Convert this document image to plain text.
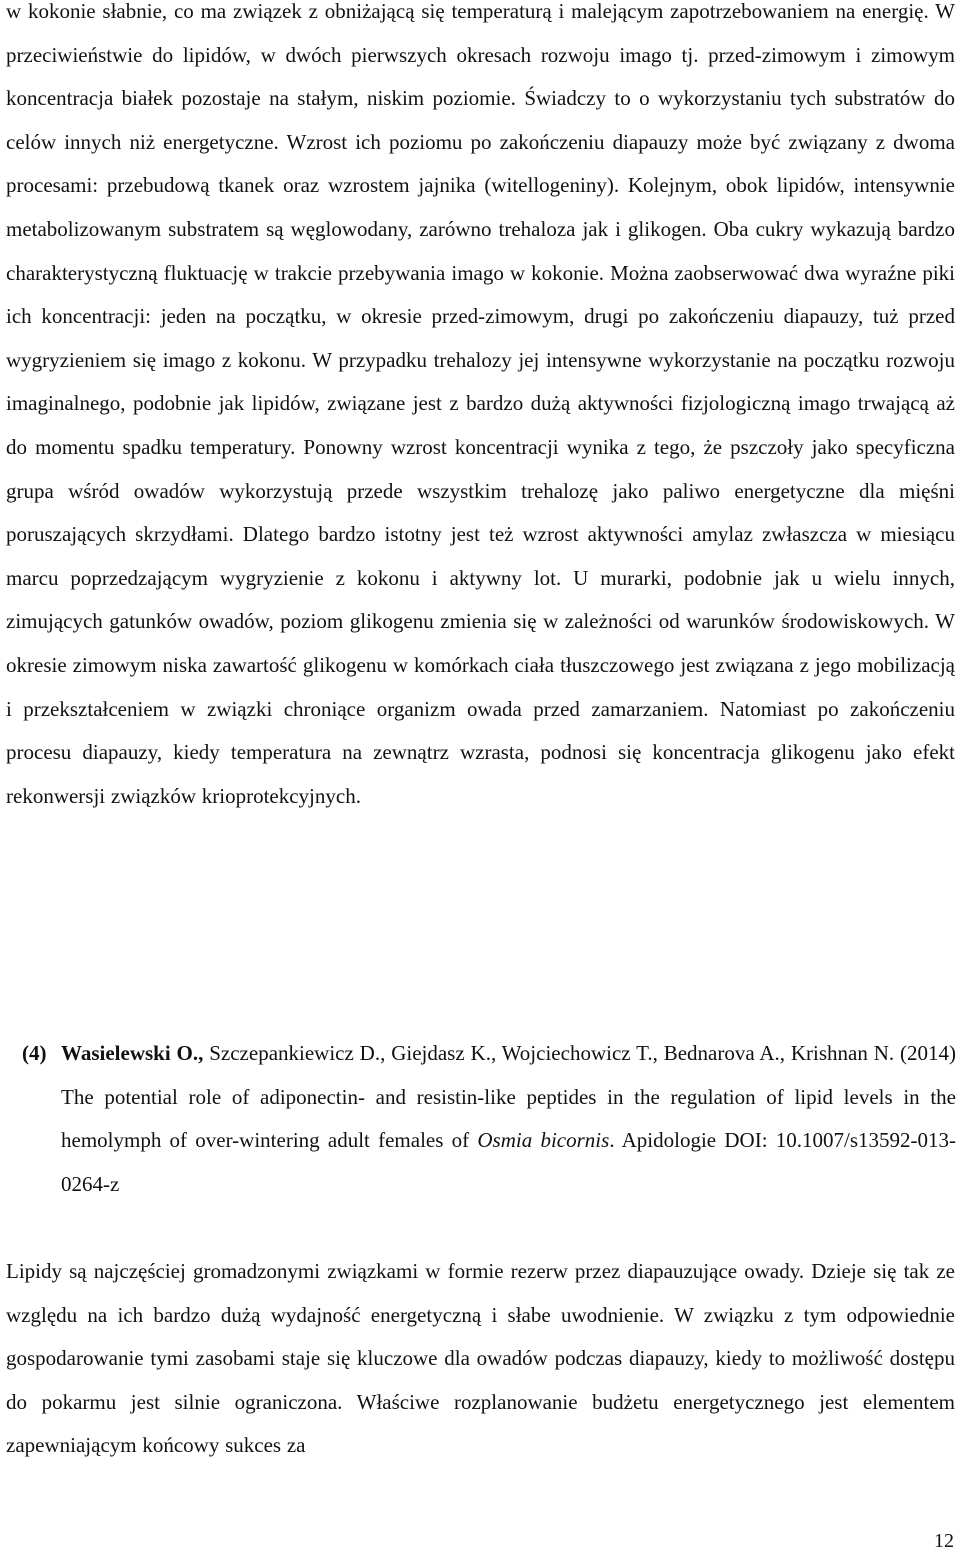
w kokonie słabnie, co ma związek z obniżającą się temperaturą i malejącym zapotrzebowaniem na energię. W przeciwieństwie do lipidów, w dwóch pierwszych okresach rozwoju imago tj. przed-zimowym i zimowym koncentracja białek pozostaje na stałym, niskim poziomie. Świadczy to o wykorzystaniu tych substratów do celów innych niż energetyczne. Wzrost ich poziomu po zakończeniu diapauzy może być związany z dwoma procesami: przebudową tkanek oraz wzrostem jajnika (witellogeniny). Kolejnym, obok lipidów, intensywnie metabolizowanym substratem są węglowodany, zarówno trehaloza jak i glikogen. Oba cukry wykazują bardzo charakterystyczną fluktuację w trakcie przebywania imago w kokonie. Można zaobserwować dwa wyraźne piki ich koncentracji: jeden na początku, w okresie przed-zimowym, drugi po zakończeniu diapauzy, tuż przed wygryzieniem się imago z kokonu. W przypadku trehalozy jej intensywne wykorzystanie na początku rozwoju imaginalnego, podobnie jak lipidów, związane jest z bardzo dużą aktywności fizjologiczną imago trwającą aż do momentu spadku temperatury. Ponowny wzrost koncentracji wynika z tego, że pszczoły jako specyficzna grupa wśród owadów wykorzystują przede wszystkim trehalozę jako paliwo energetyczne dla mięśni poruszających skrzydłami. Dlatego bardzo istotny jest też wzrost aktywności amylaz zwłaszcza w miesiącu marcu poprzedzającym wygryzienie z kokonu i aktywny lot. U murarki, podobnie jak u wielu innych, zimujących gatunków owadów, poziom glikogenu zmienia się w zależności od warunków środowiskowych. W okresie zimowym niska zawartość glikogenu w komórkach ciała tłuszczowego jest związana z jego mobilizacją i przekształceniem w związki chroniące organizm owada przed zamarzaniem. Natomiast po zakończeniu procesu diapauzy, kiedy temperatura na zewnątrz wzrasta, podnosi się koncentracja glikogenu jako efekt rekonwersji związków krioprotekcyjnych.

(4) Wasielewski O., Szczepankiewicz D., Giejdasz K., Wojciechowicz T., Bednarova A., Krishnan N. (2014) The potential role of adiponectin- and resistin-like peptides in the regulation of lipid levels in the hemolymph of over-wintering adult females of Osmia bicornis. Apidologie DOI: 10.1007/s13592-013-0264-z

Lipidy są najczęściej gromadzonymi związkami w formie rezerw przez diapauzujące owady. Dzieje się tak ze względu na ich bardzo dużą wydajność energetyczną i słabe uwodnienie. W związku z tym odpowiednie gospodarowanie tymi zasobami staje się kluczowe dla owadów podczas diapauzy, kiedy to możliwość dostępu do pokarmu jest silnie ograniczona. Właściwe rozplanowanie budżetu energetycznego jest elementem zapewniającym końcowy sukces za

12
